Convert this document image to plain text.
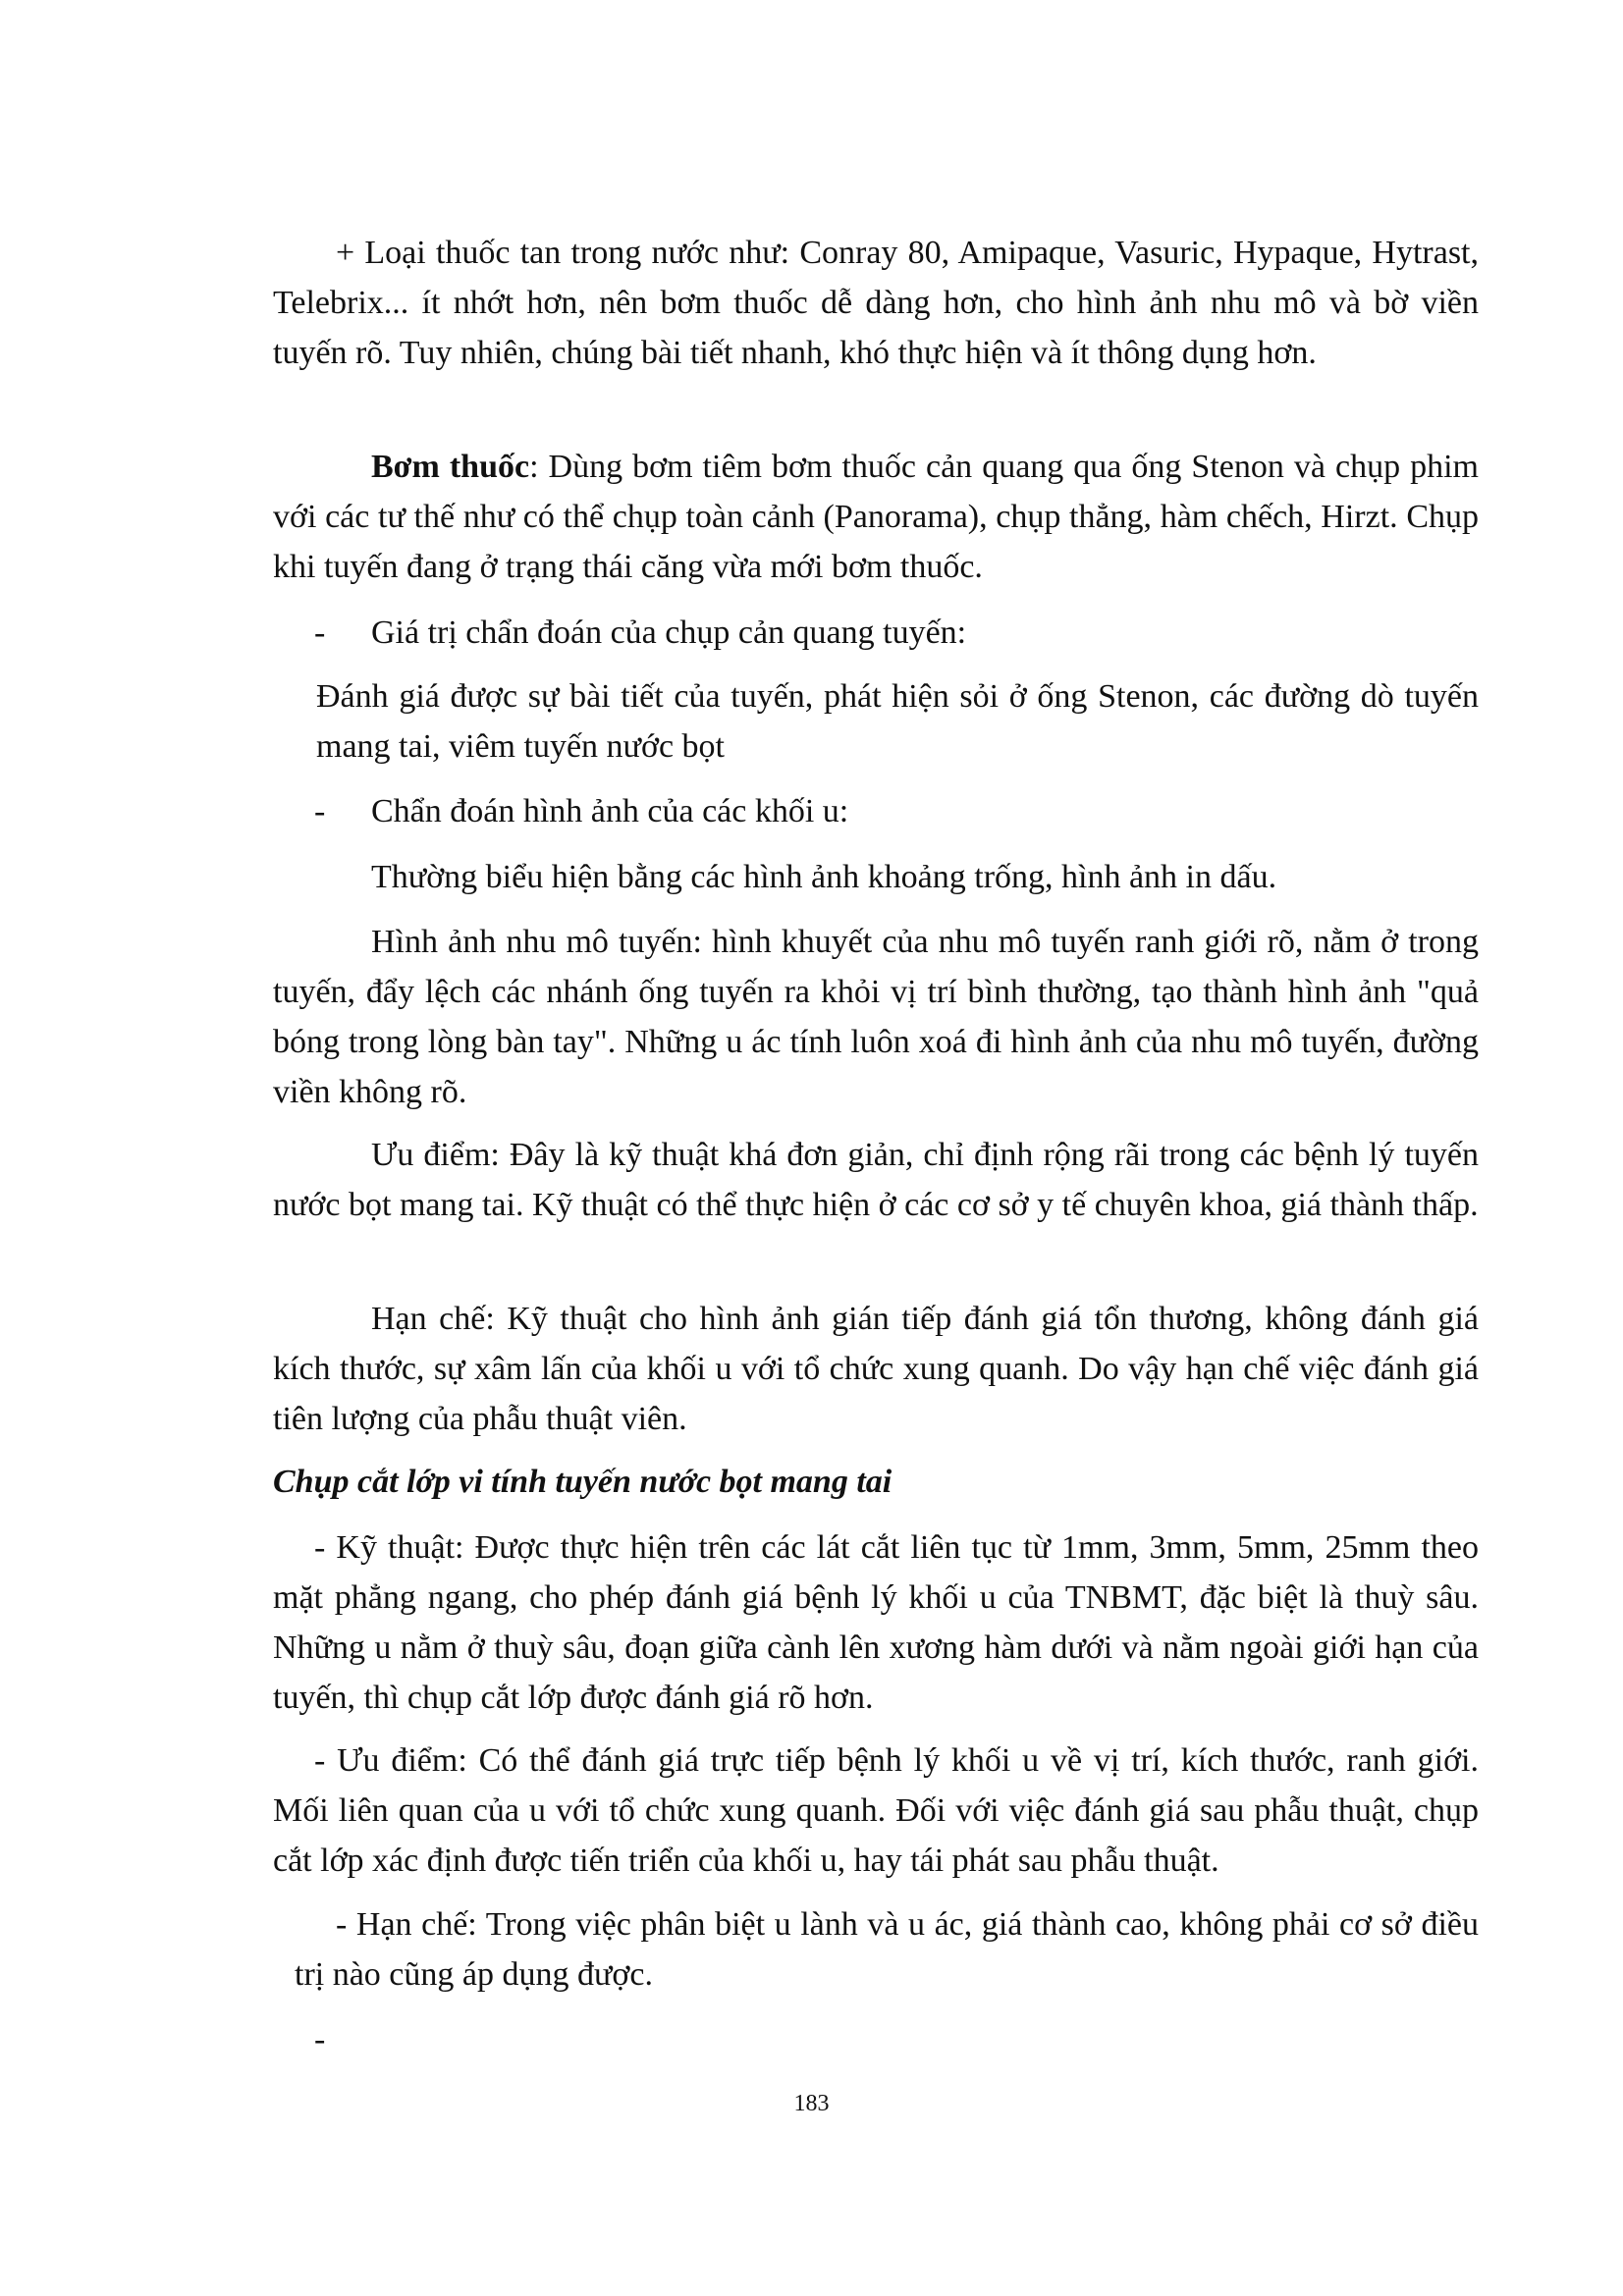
+ Loại thuốc tan trong nước như: Conray 80, Amipaque, Vasuric, Hypaque, Hytrast, Telebrix... ít nhớt hơn, nên bơm thuốc dễ dàng hơn, cho hình ảnh nhu mô và bờ viền tuyến rõ. Tuy nhiên, chúng bài tiết nhanh, khó thực hiện và ít thông dụng hơn.

Bơm thuốc: Dùng bơm tiêm bơm thuốc cản quang qua ống Stenon và chụp phim với các tư thế như có thể chụp toàn cảnh (Panorama), chụp thẳng, hàm chếch, Hirzt. Chụp khi tuyến đang ở trạng thái căng vừa mới bơm thuốc.

- Giá trị chẩn đoán của chụp cản quang tuyến:

Đánh giá được sự bài tiết của tuyến, phát hiện sỏi ở ống Stenon, các đường dò tuyến mang tai, viêm tuyến nước bọt

- Chẩn đoán hình ảnh của các khối u:

Thường biểu hiện bằng các hình ảnh khoảng trống, hình ảnh in dấu.

Hình ảnh nhu mô tuyến: hình khuyết của nhu mô tuyến ranh giới rõ, nằm ở trong tuyến, đẩy lệch các nhánh ống tuyến ra khỏi vị trí bình thường, tạo thành hình ảnh "quả bóng trong lòng bàn tay". Những u ác tính luôn xoá đi hình ảnh của nhu mô tuyến, đường viền không rõ.

Ưu điểm: Đây là kỹ thuật khá đơn giản, chỉ định rộng rãi trong các bệnh lý tuyến nước bọt mang tai. Kỹ thuật có thể thực hiện ở các cơ sở y tế chuyên khoa, giá thành thấp.

Hạn chế: Kỹ thuật cho hình ảnh gián tiếp đánh giá tổn thương, không đánh giá kích thước, sự xâm lấn của khối u với tổ chức xung quanh. Do vậy hạn chế việc đánh giá tiên lượng của phẫu thuật viên.

Chụp cắt lớp vi tính tuyến nước bọt mang tai

- Kỹ thuật: Được thực hiện trên các lát cắt liên tục từ 1mm, 3mm, 5mm, 25mm theo mặt phẳng ngang, cho phép đánh giá bệnh lý khối u của TNBMT, đặc biệt là thuỳ sâu. Những u nằm ở thuỳ sâu, đoạn giữa cành lên xương hàm dưới và nằm ngoài giới hạn của tuyến, thì chụp cắt lớp được đánh giá rõ hơn.

- Ưu điểm: Có thể đánh giá trực tiếp bệnh lý khối u về vị trí, kích thước, ranh giới. Mối liên quan của u với tổ chức xung quanh. Đối với việc đánh giá sau phẫu thuật, chụp cắt lớp xác định được tiến triển của khối u, hay tái phát sau phẫu thuật.

- Hạn chế: Trong việc phân biệt u lành và u ác, giá thành cao, không phải cơ sở điều trị nào cũng áp dụng được.

-
183
